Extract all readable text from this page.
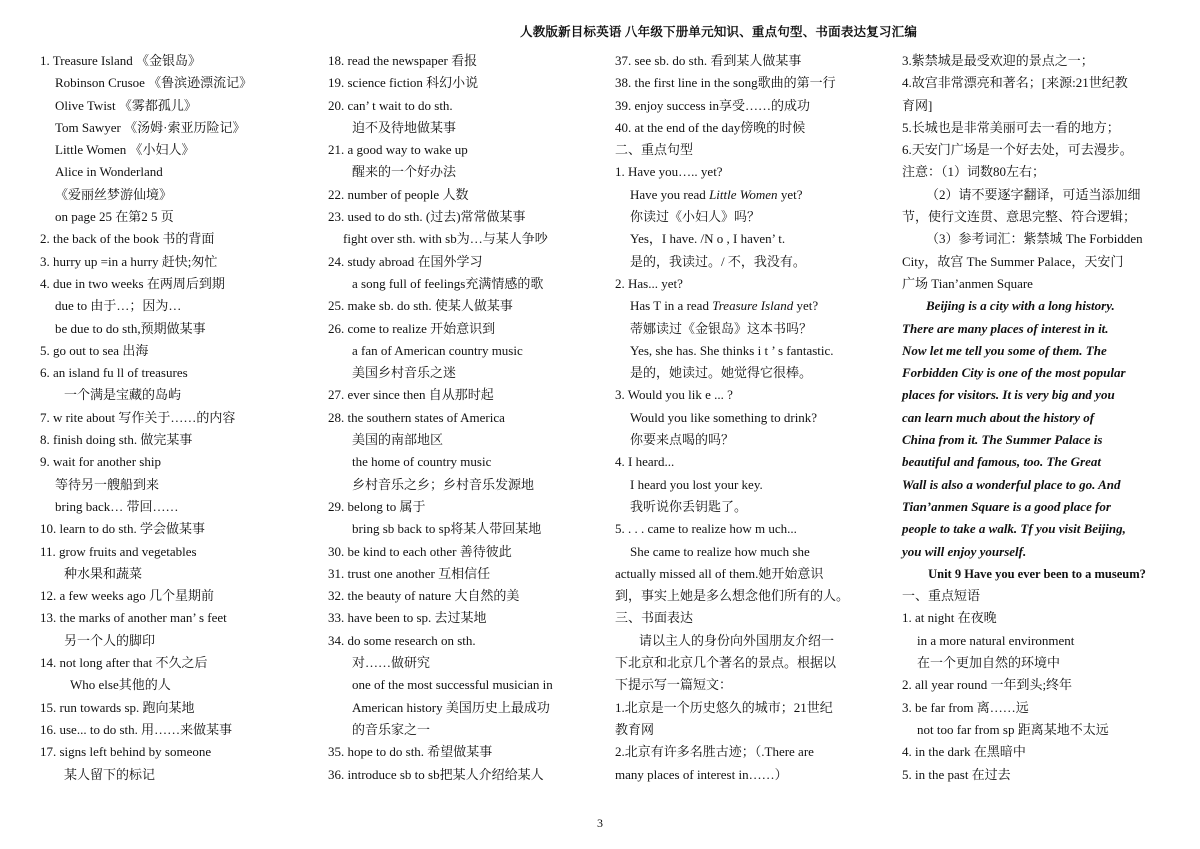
人教版新目标英语 八年级下册单元知识、重点句型、书面表达复习汇编
1. Treasure Island 《金银岛》
Robinson Crusoe 《鲁滨逊漂流记》
Olive Twist 《雾都孤儿》
Tom Sawyer 《汤姆·索亚历险记》
Little Women 《小妇人》
Alice in Wonderland
《爱丽丝梦游仙境》
on page 25 在第2 5 页
2. the back of the book 书的背面
3. hurry up =in a hurry 赶快;匆忙
4. due in two weeks 在两周后到期
due to 由于…；因为…
be due to do sth,预期做某事
5. go out to sea 出海
6. an island fu ll of treasures
一个满是宝藏的岛屿
7. w rite about 写作关于……的内容
8. finish doing sth. 做完某事
9. wait for another ship
等待另一艘船到来
bring back… 带回……
10. learn to do sth. 学会做某事
11. grow fruits and vegetables
种水果和蔬菜
12. a few weeks ago 几个星期前
13. the marks of another man’ s feet
另一个人的脚印
14. not long after that 不久之后
Who else其他的人
15. run towards sp. 跑向某地
16. use... to do sth. 用……来做某事
17. signs left behind by someone
某人留下的标记
18. read the newspaper 看报
19. science fiction 科幻小说
20. can’ t wait to do sth.
迫不及待地做某事
21. a good way to wake up
醒来的一个好办法
22. number of people 人数
23. used to do sth. (过去)常常做某事
fight over sth. with sb为…与某人争吵
24. study abroad 在国外学习
a song full of feelings充满情感的歌
25. make sb. do sth. 使某人做某事
26. come to realize 开始意识到
a fan of American country music
美国乡村音乐之迷
27. ever since then 自从那时起
28. the southern states of America
美国的南部地区
the home of country music
乡村音乐之乡；乡村音乐发源地
29. belong to 属于
bring sb back to sp将某人带回某地
30. be kind to each other 善待彼此
31. trust one another 互相信任
32. the beauty of nature 大自然的美
33. have been to sp. 去过某地
34. do some research on sth.
对……做研究
one of the most successful musician in
American history 美国历史上最成功
的音乐家之一
35. hope to do sth. 希望做某事
36. introduce sb to sb把某人介绍给某人
37. see sb. do sth. 看到某人做某事
38. the first line in the song歌曲的第一行
39. enjoy success in享受……的成功
40. at the end of the day傍晚的时候
二、重点句型
1. Have you….. yet?
Have you read Little Women yet?
你读过《小妇人》吗？
Yes，I have. /N o , I haven’ t.
是的，我读过。/ 不，我没有。
2. Has... yet?
Has T in a read Treasure Island yet?
蒂娜读过《金银岛》这本书吗？
Yes, she has. She thinks i t ’ s fantastic.
是的，她读过。她觉得它很棒。
3. Would you lik e ... ?
Would you like something to drink?
你要来点喝的吗？
4. I heard...
I heard you lost your key.
我听说你丢钥匙了。
5. . . . came to realize how m uch...
She came to realize how much she
actually missed all of them.她开始意识
到，事实上她是多么想念他们所有的人。
三、书面表达
请以主人的身份向外国朋友介绍一
下北京和北京几个著名的景点。根据以
下提示写一篇短文：
1.北京是一个历史悠久的城市；21世纪
教育网
2.北京有许多名胜古迹；（.There are
many places of interest in……）
3.紫禁城是最受欢迎的景点之一；
4.故宫非常漂亮和著名；[来源:21世纪教
育网]
5.长城也是非常美丽可去一看的地方；
6.天安门广场是一个好去处，可去漫步。
注意：（1）词数80左右；
（2）请不要逐字翻译，可适当添加细
节，使行文连贯、意思完整、符合逻辑；
（3）参考词汇：紫禁城 The Forbidden
City，故宫 The Summer Palace，天安门
广场 Tian’anmen Square
Beijing is a city with a long history.
There are many places of interest in it.
Now let me tell you some of them. The
Forbidden City is one of the most popular
places for visitors. It is very big and you
can learn much about the history of
China from it. The Summer Palace is
beautiful and famous, too. The Great
Wall is also a wonderful place to go. And
Tian’anmen Square is a good place for
people to take a walk. Tf you visit Beijing,
you will enjoy yourself.
Unit 9 Have you ever been to a museum?
一、重点短语
1. at night 在夜晚
in a more natural environment
在一个更加自然的环境中
2. all year round 一年到头;终年
3. be far from 离……远
not too far from sp 距离某地不太远
4. in the dark 在黑暗中
5. in the past 在过去
3
